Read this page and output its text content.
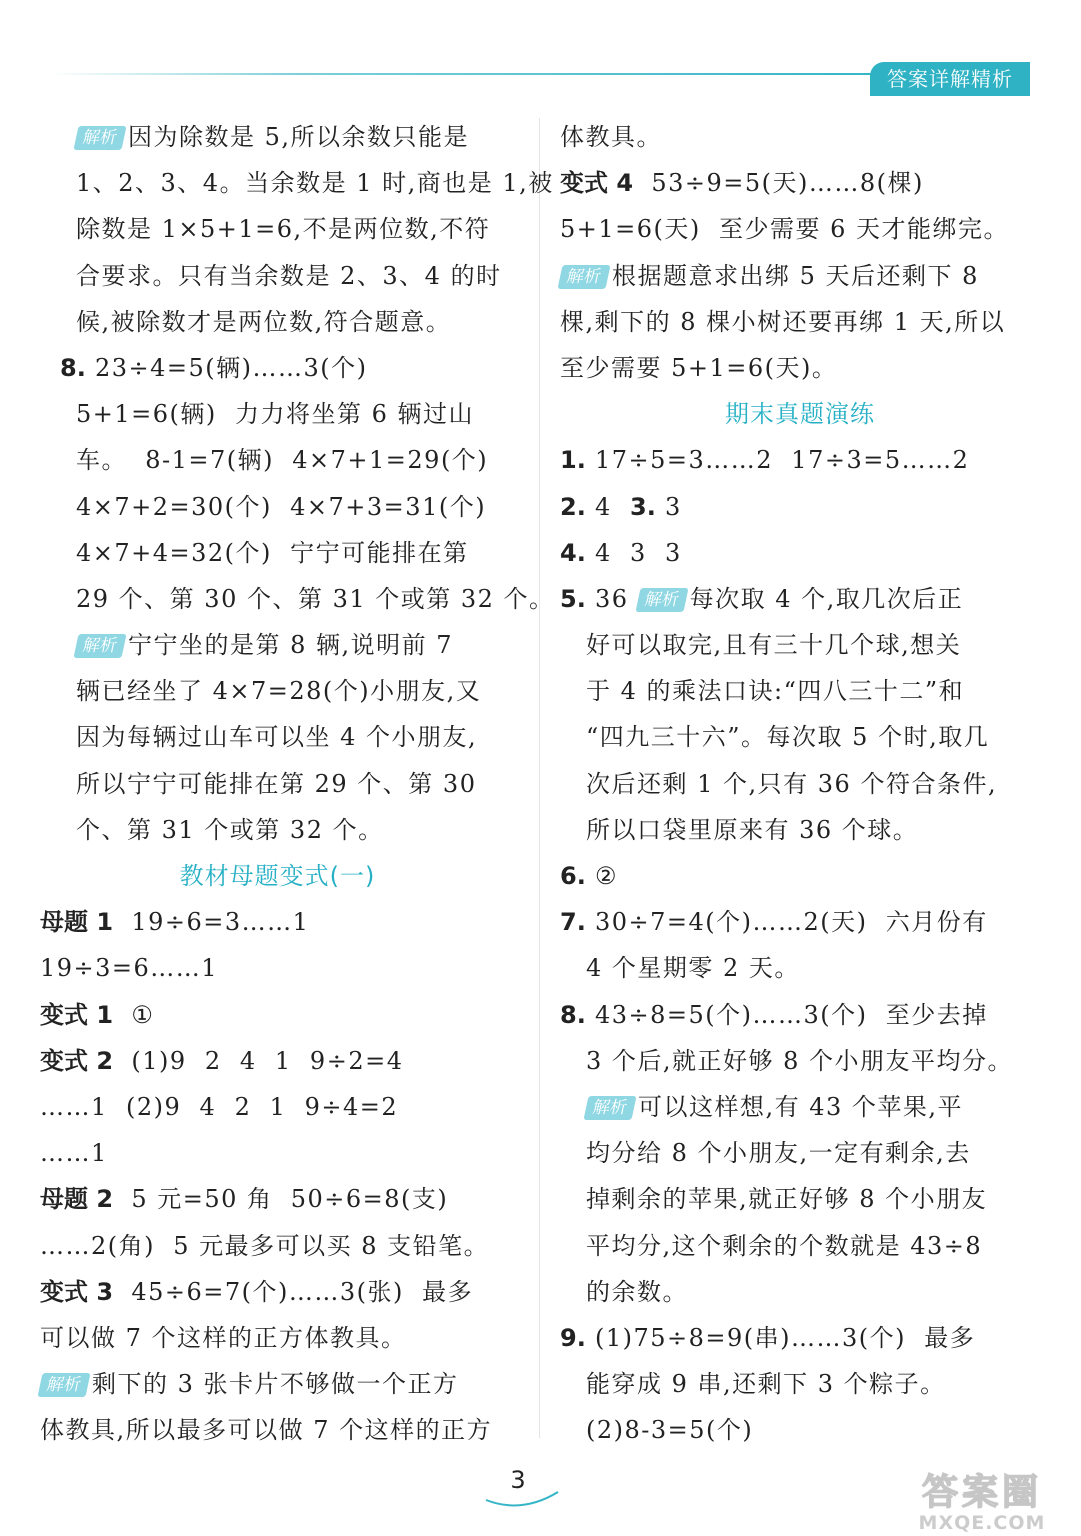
答案详解精析
解析 因为除数是 5,所以余数只能是
1、2、3、4。当余数是 1 时,商也是 1,被
除数是 1×5+1=6,不是两位数,不符
合要求。只有当余数是 2、3、4 的时
候,被除数才是两位数,符合题意。
8. 23÷4=5(辆)……3(个)
5+1=6(辆)  力力将坐第 6 辆过山
车。  8-1=7(辆)  4×7+1=29(个)
4×7+2=30(个)  4×7+3=31(个)
4×7+4=32(个)  宁宁可能排在第
29 个、第 30 个、第 31 个或第 32 个。
解析 宁宁坐的是第 8 辆,说明前 7
辆已经坐了 4×7=28(个)小朋友,又
因为每辆过山车可以坐 4 个小朋友,
所以宁宁可能排在第 29 个、第 30
个、第 31 个或第 32 个。
教材母题变式(一)
母题 1 19÷6=3……1
19÷3=6……1
变式 1 ①
变式 2 (1)9  2  4  1  9÷2=4
……1  (2)9  4  2  1  9÷4=2
……1
母题 2 5 元=50 角  50÷6=8(支)
……2(角)  5 元最多可以买 8 支铅笔。
变式 3 45÷6=7(个)……3(张)  最多
可以做 7 个这样的正方体教具。
解析 剩下的 3 张卡片不够做一个正方
体教具,所以最多可以做 7 个这样的正方
体教具。
变式 4 53÷9=5(天)……8(棵)
5+1=6(天)  至少需要 6 天才能绑完。
解析 根据题意求出绑 5 天后还剩下 8
棵,剩下的 8 棵小树还要再绑 1 天,所以
至少需要 5+1=6(天)。
期末真题演练
1. 17÷5=3……2  17÷3=5……2
2. 4 3. 3
4. 4  3  3
5. 36 解析 每次取 4 个,取几次后正
好可以取完,且有三十几个球,想关
于 4 的乘法口诀:“四八三十二”和
“四九三十六”。每次取 5 个时,取几
次后还剩 1 个,只有 36 个符合条件,
所以口袋里原来有 36 个球。
6. ②
7. 30÷7=4(个)……2(天)  六月份有
4 个星期零 2 天。
8. 43÷8=5(个)……3(个)  至少去掉
3 个后,就正好够 8 个小朋友平均分。
解析 可以这样想,有 43 个苹果,平
均分给 8 个小朋友,一定有剩余,去
掉剩余的苹果,就正好够 8 个小朋友
平均分,这个剩余的个数就是 43÷8
的余数。
9. (1)75÷8=9(串)……3(个)  最多
能穿成 9 串,还剩下 3 个粽子。
(2)8-3=5(个)
3	答案圈
MXQE.COM
